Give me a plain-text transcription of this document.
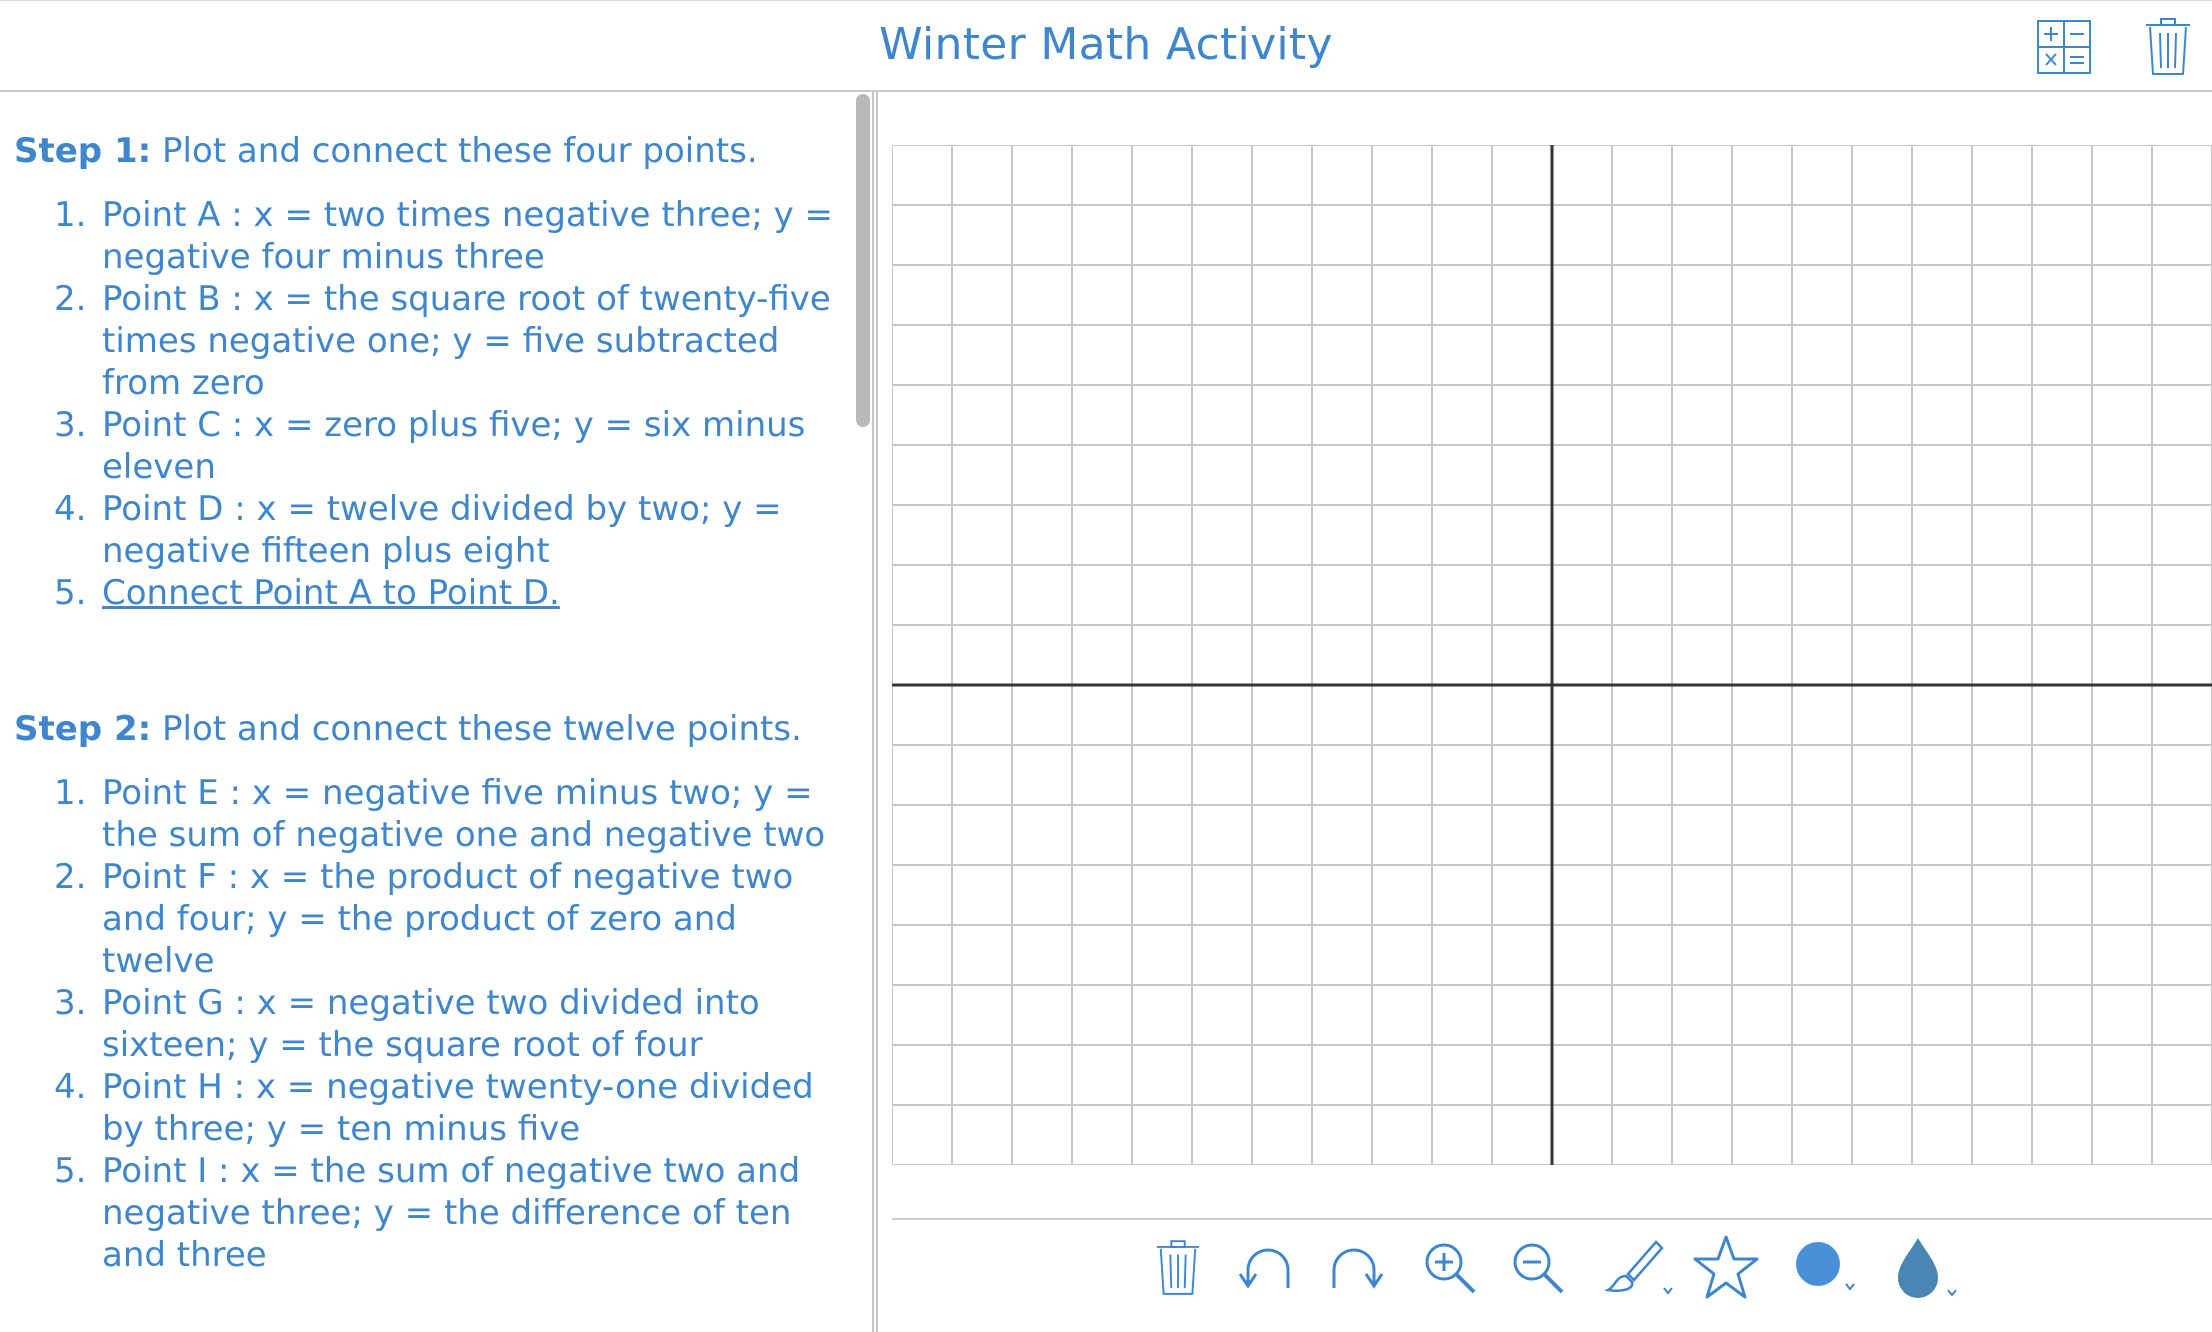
Winter Math Activity
Step 1: Plot and connect these four points.
Point A : x = two times negative three; y = negative four minus three
Point B : x = the square root of twenty-five times negative one; y = five subtracted from zero
Point C : x = zero plus five; y = six minus eleven
Point D : x = twelve divided by two; y = negative fifteen plus eight
Connect Point A to Point D.
Step 2: Plot and connect these twelve points.
Point E : x = negative five minus two; y = the sum of negative one and negative two
Point F : x = the product of negative two and four; y = the product of zero and twelve
Point G : x = negative two divided into sixteen; y = the square root of four
Point H : x = negative twenty-one divided by three; y = ten minus five
Point I : x = the sum of negative two and negative three; y = the difference of ten and three
